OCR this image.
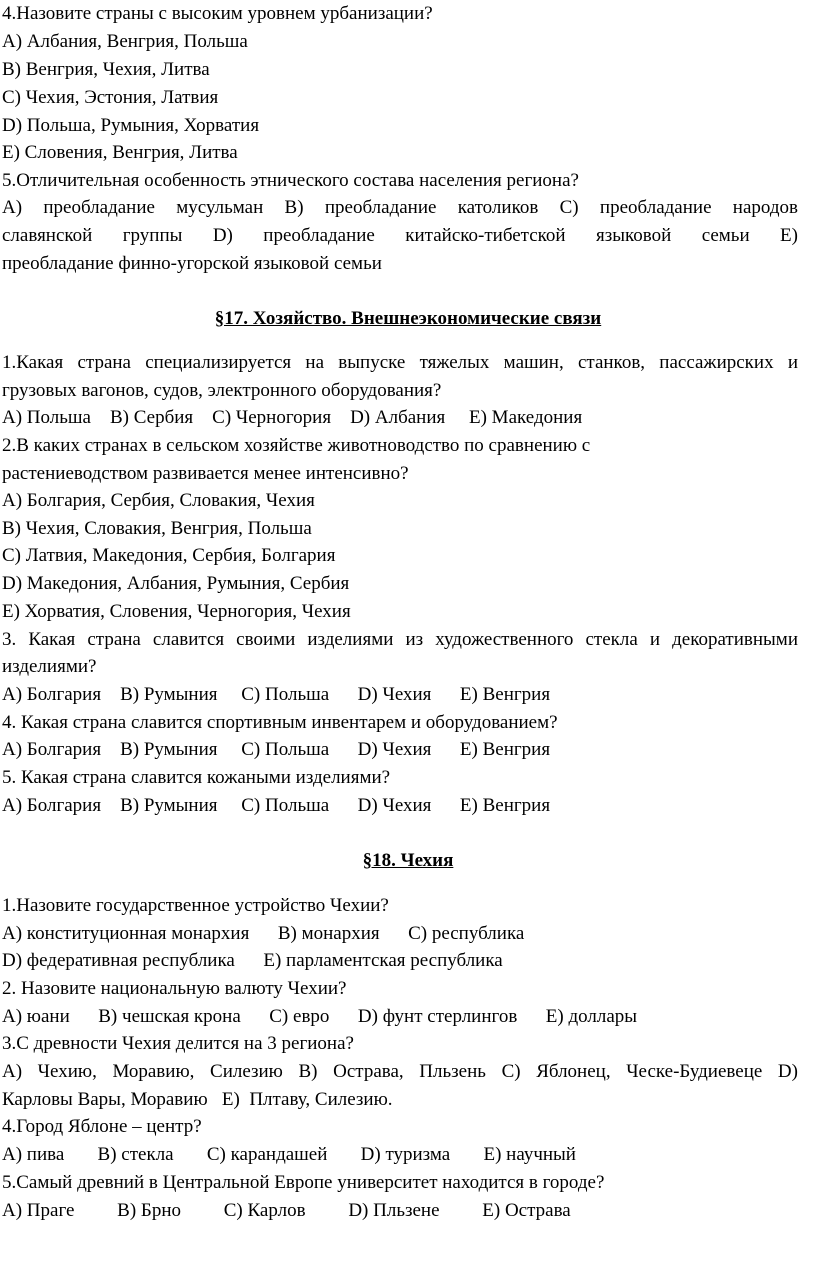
4.Назовите страны с высоким уровнем урбанизации?
A) Албания, Венгрия, Польша
B) Венгрия, Чехия, Литва
C) Чехия, Эстония, Латвия
D) Польша, Румыния, Хорватия
E) Словения, Венгрия, Литва
5.Отличительная особенность этнического состава населения региона?
A) преобладание мусульман B) преобладание католиков C) преобладание народов
славянской группы D) преобладание китайско-тибетской языковой семьи E)
преобладание финно-угорской языковой семьи
§17. Хозяйство. Внешнеэкономические связи
1.Какая страна специализируется на выпуске тяжелых машин, станков, пассажирских и
грузовых вагонов, судов, электронного оборудования?
A) Польша    B) Сербия    C) Черногория    D) Албания     E) Македония
2.В каких странах в сельском хозяйстве животноводство по сравнению с
растениеводством развивается менее интенсивно?
A) Болгария, Сербия, Словакия, Чехия
B) Чехия, Словакия, Венгрия, Польша
C) Латвия, Македония, Сербия, Болгария
D) Македония, Албания, Румыния, Сербия
E) Хорватия, Словения, Черногория, Чехия
3. Какая страна славится своими изделиями из художественного стекла и декоративными
изделиями?
A) Болгария    B) Румыния     C) Польша      D) Чехия      E) Венгрия
4. Какая страна славится спортивным инвентарем и оборудованием?
A) Болгария    B) Румыния     C) Польша      D) Чехия      E) Венгрия
5. Какая страна славится кожаными изделиями?
A) Болгария    B) Румыния     C) Польша      D) Чехия      E) Венгрия
§18. Чехия
1.Назовите государственное устройство Чехии?
A) конституционная монархия      B) монархия      C) республика
D) федеративная республика      E) парламентская республика
2. Назовите национальную валюту Чехии?
A) юани      B) чешская крона      C) евро      D) фунт стерлингов      E) доллары
3.С древности Чехия делится на 3 региона?
A) Чехию, Моравию, Силезию B) Острава, Пльзень C) Яблонец, Ческе-Будиевеце D)
Карловы Вары, Моравию   E)  Плтаву, Силезию.
4.Город Яблоне – центр?
A) пива       B) стекла       C) карандашей       D) туризма       E) научный
5.Самый древний в Центральной Европе университет находится в городе?
A) Праге         B) Брно         C) Карлов         D) Пльзене         E) Острава
